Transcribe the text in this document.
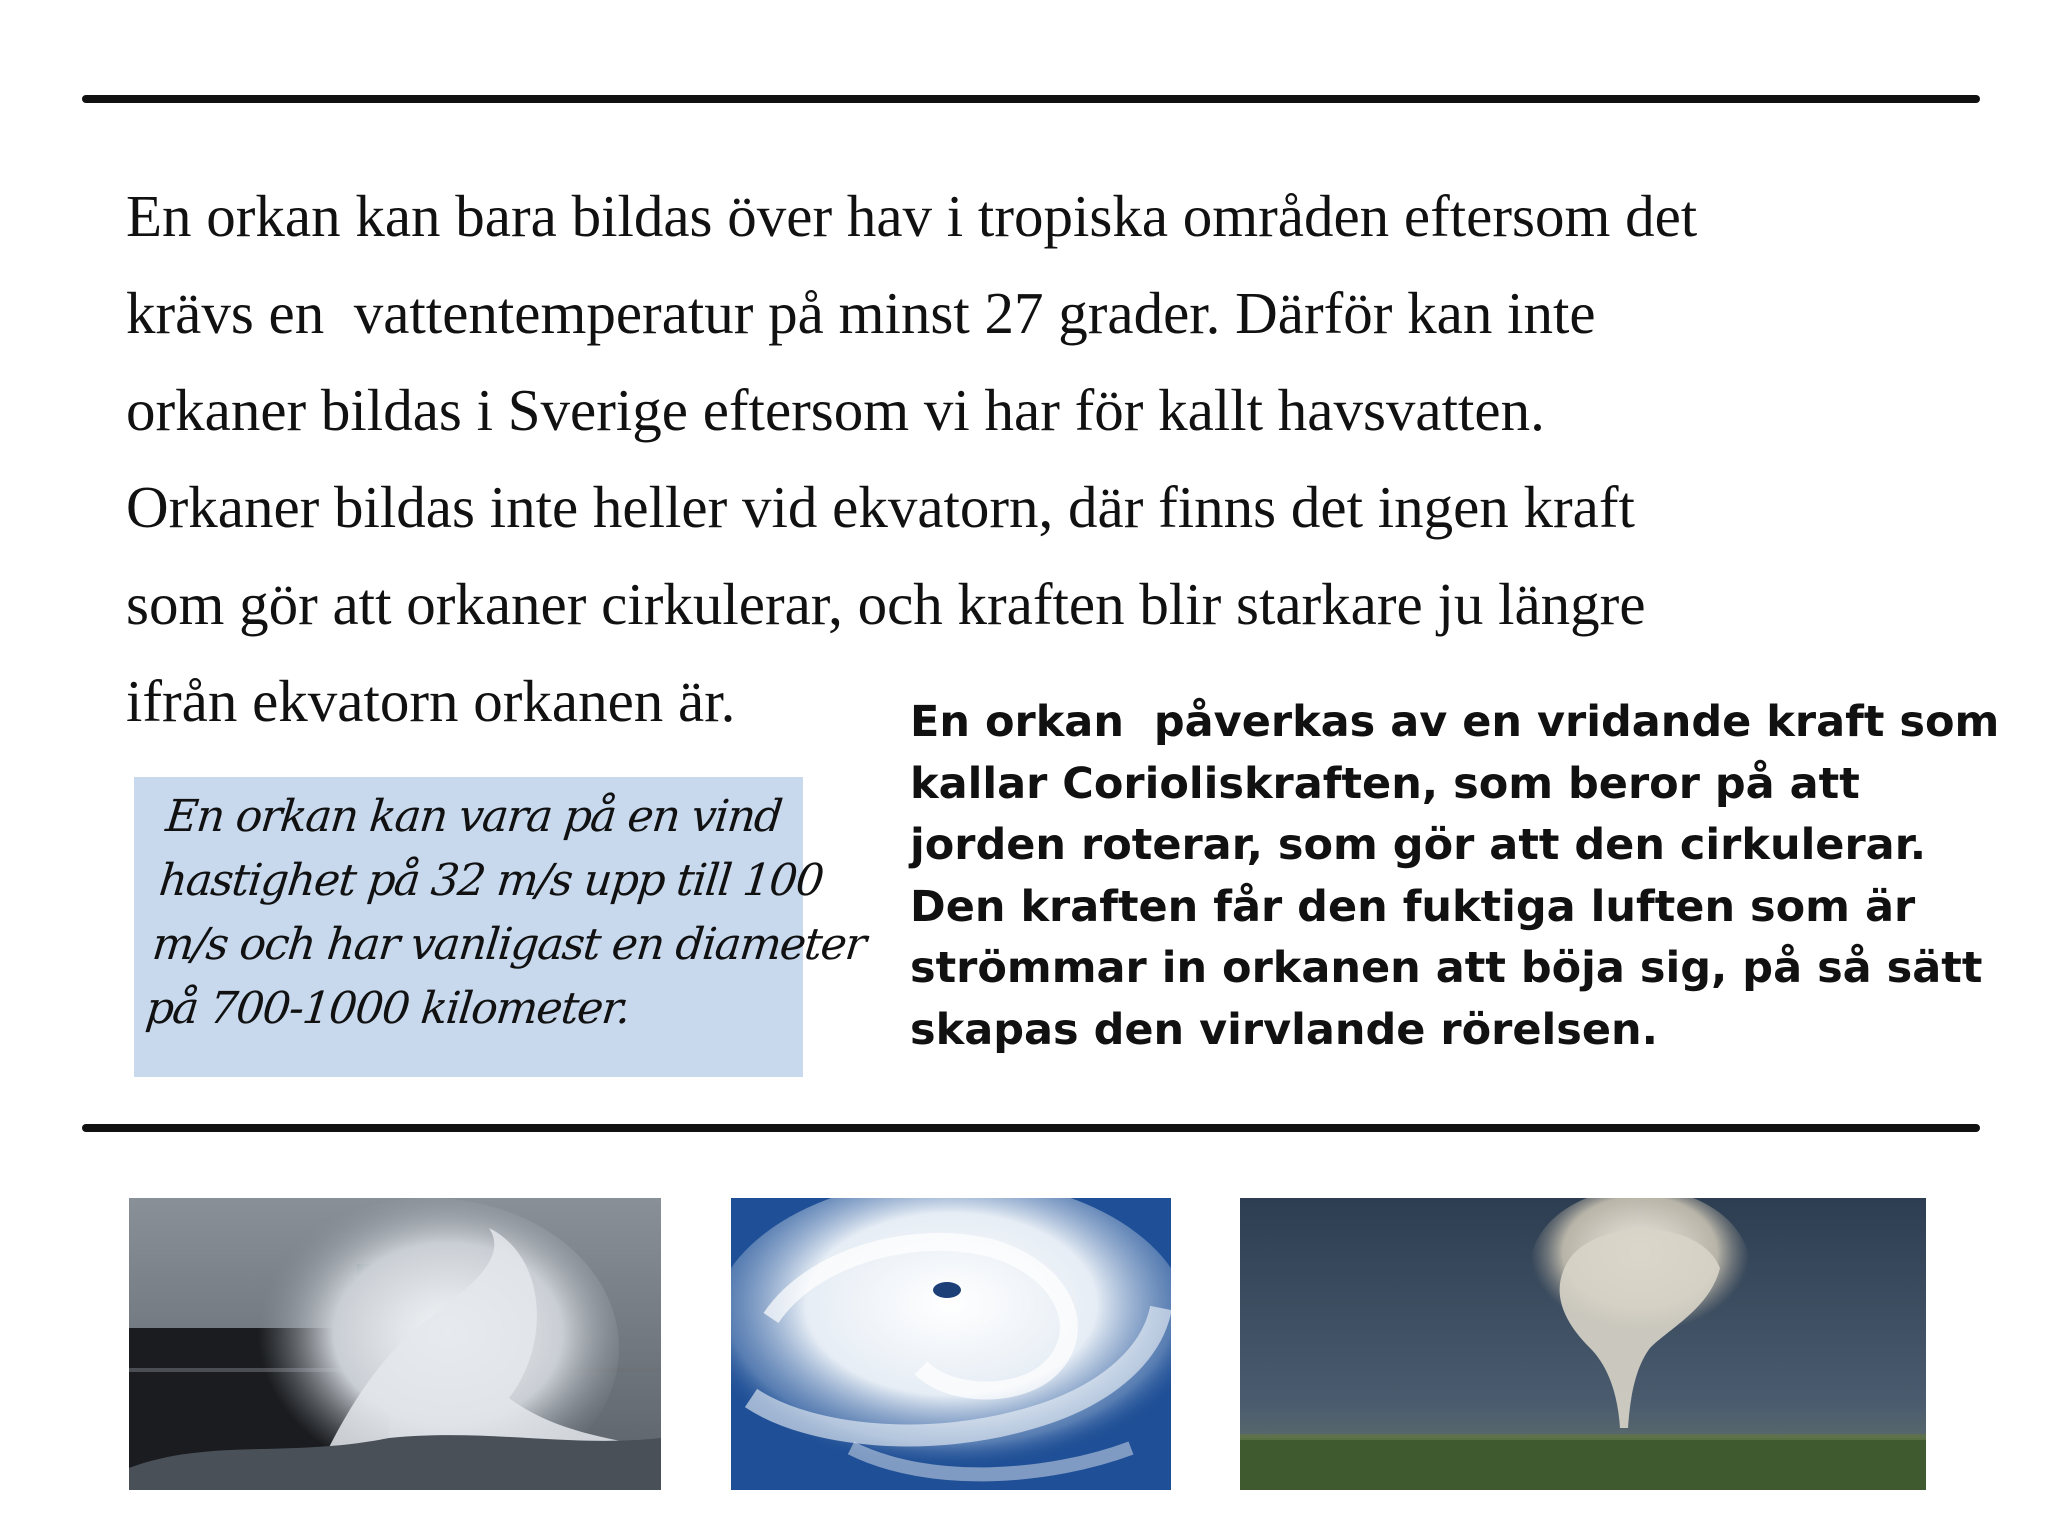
En orkan kan bara bildas över hav i tropiska områden eftersom det
krävs en  vattentemperatur på minst 27 grader. Därför kan inte
orkaner bildas i Sverige eftersom vi har för kallt havsvatten.
Orkaner bildas inte heller vid ekvatorn, där finns det ingen kraft
som gör att orkaner cirkulerar, och kraften blir starkare ju längre
ifrån ekvatorn orkanen är.
En orkan kan vara på en vind
hastighet på 32 m/s upp till 100
m/s och har vanligast en diameter
på 700-1000 kilometer.
En orkan  påverkas av en vridande kraft som
kallar Corioliskraften, som beror på att
jorden roterar, som gör att den cirkulerar.
Den kraften får den fuktiga luften som är
strömmar in orkanen att böja sig, på så sätt
skapas den virvlande rörelsen.
